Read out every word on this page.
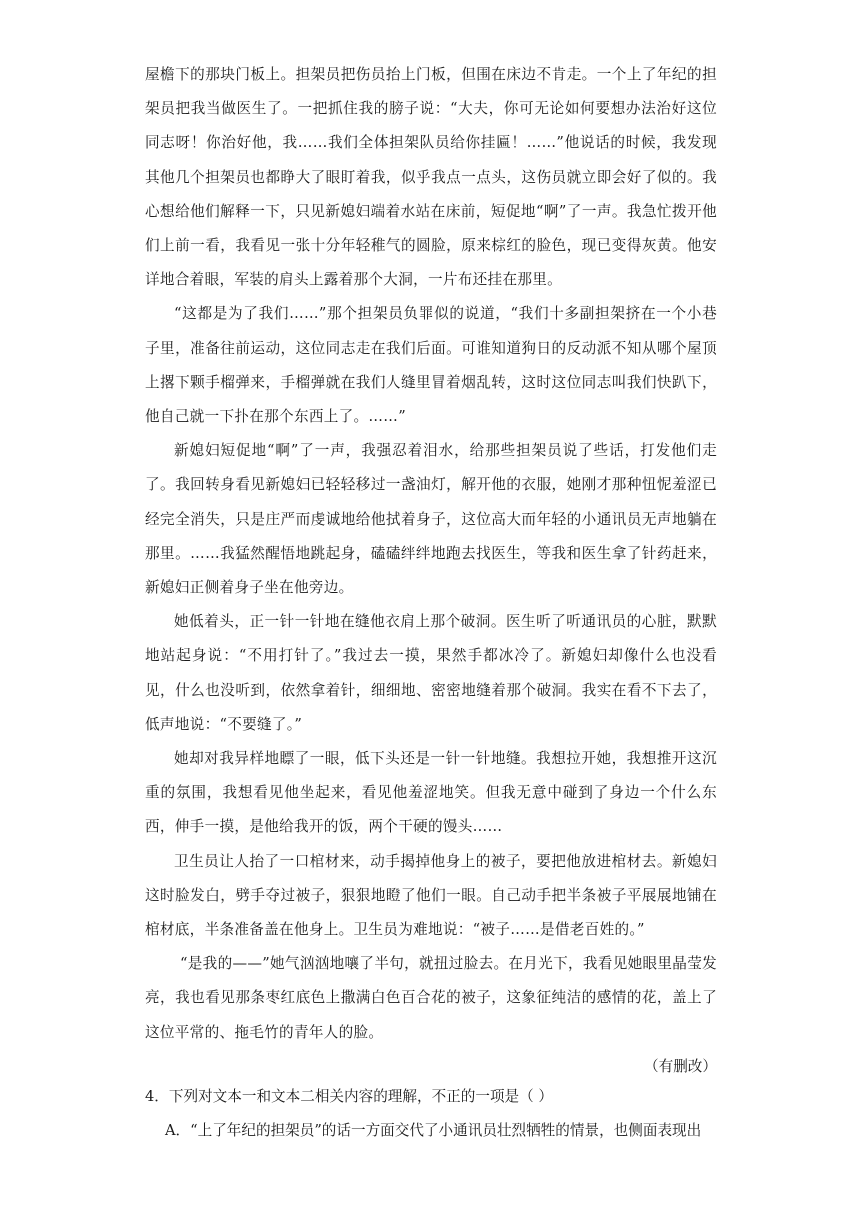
屋檐下的那块门板上。担架员把伤员抬上门板，但围在床边不肯走。一个上了年纪的担架员把我当做医生了。一把抓住我的膀子说：“大夫，你可无论如何要想办法治好这位同志呀！你治好他，我……我们全体担架队员给你挂匾！……”他说话的时候，我发现其他几个担架员也都睁大了眼盯着我，似乎我点一点头，这伤员就立即会好了似的。我心想给他们解释一下，只见新媳妇端着水站在床前，短促地“啊”了一声。我急忙拨开他们上前一看，我看见一张十分年轻稚气的圆脸，原来棕红的脸色，现已变得灰黄。他安详地合着眼，军装的肩头上露着那个大洞，一片布还挂在那里。

“这都是为了我们……”那个担架员负罪似的说道，“我们十多副担架挤在一个小巷子里，准备往前运动，这位同志走在我们后面。可谁知道狗日的反动派不知从哪个屋顶上撂下颗手榴弹来，手榴弹就在我们人缝里冒着烟乱转，这时这位同志叫我们快趴下，他自己就一下扑在那个东西上了。……”

新媳妇短促地“啊”了一声，我强忍着泪水，给那些担架员说了些话，打发他们走了。我回转身看见新媳妇已轻轻移过一盏油灯，解开他的衣服，她刚才那种忸怩羞涩已经完全消失，只是庄严而虔诚地给他拭着身子，这位高大而年轻的小通讯员无声地躺在那里。……我猛然醒悟地跳起身，磕磕绊绊地跑去找医生，等我和医生拿了针药赶来，新媳妇正侧着身子坐在他旁边。

她低着头，正一针一针地在缝他衣肩上那个破洞。医生听了听通讯员的心脏，默默地站起身说：“不用打针了。”我过去一摸，果然手都冰冷了。新媳妇却像什么也没看见，什么也没听到，依然拿着针，细细地、密密地缝着那个破洞。我实在看不下去了，低声地说：“不要缝了。”

她却对我异样地瞟了一眼，低下头还是一针一针地缝。我想拉开她，我想推开这沉重的氛围，我想看见他坐起来，看见他羞涩地笑。但我无意中碰到了身边一个什么东西，伸手一摸，是他给我开的饭，两个干硬的馒头……

卫生员让人抬了一口棺材来，动手揭掉他身上的被子，要把他放进棺材去。新媳妇这时脸发白，劈手夺过被子，狠狠地瞪了他们一眼。自己动手把半条被子平展展地铺在棺材底，半条准备盖在他身上。卫生员为难地说：“被子……是借老百姓的。”

“是我的——”她气汹汹地嚷了半句，就扭过脸去。在月光下，我看见她眼里晶莹发亮，我也看见那条枣红底色上撒满白色百合花的被子，这象征纯洁的感情的花，盖上了这位平常的、拖毛竹的青年人的脸。

（有删改）

4．下列对文本一和文本二相关内容的理解，不正的一项是（ ）

A．“上了年纪的担架员”的话一方面交代了小通讯员壮烈牺牲的情景，也侧面表现出
